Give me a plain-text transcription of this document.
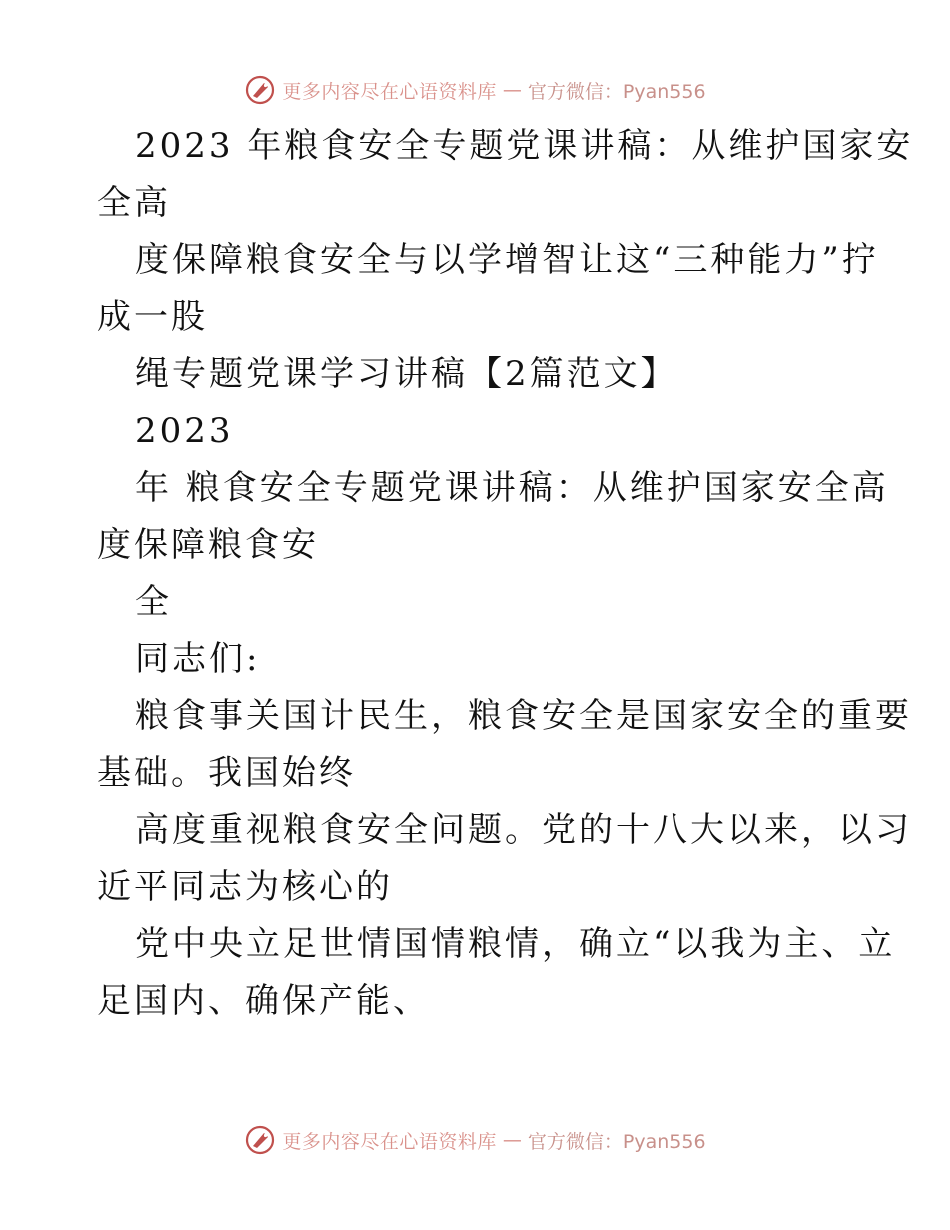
更多内容尽在心语资料库 — 官方微信：Pyan556
2023 年粮食安全专题党课讲稿：从维护国家安
全高
度保障粮食安全与以学增智让这“三种能力”拧
成一股
绳专题党课学习讲稿【2篇范文】
2023
年 粮食安全专题党课讲稿：从维护国家安全高
度保障粮食安
全
同志们:
粮食事关国计民生，粮食安全是国家安全的重要
基础。我国始终
高度重视粮食安全问题。党的十八大以来，以习
近平同志为核心的
党中央立足世情国情粮情，确立“以我为主、立
足国内、确保产能、
更多内容尽在心语资料库 — 官方微信：Pyan556
